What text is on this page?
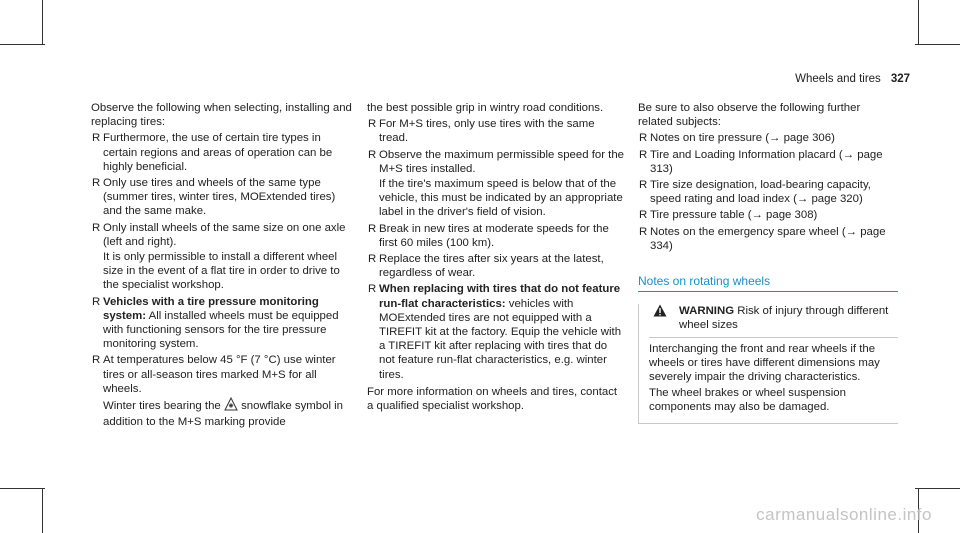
Wheels and tires 327

Observe the following when selecting, installing and replacing tires:

R Furthermore, the use of certain tire types in certain regions and areas of operation can be highly beneficial.
R Only use tires and wheels of the same type (summer tires, winter tires, MOExtended tires) and the same make.
R Only install wheels of the same size on one axle (left and right).

It is only permissible to install a different wheel size in the event of a flat tire in order to drive to the specialist workshop.

R Vehicles with a tire pressure monitoring system: All installed wheels must be equipped with functioning sensors for the tire pressure monitoring system.
R At temperatures below 45 °F (7 °C) use winter tires or all-season tires marked M+S for all wheels.

Winter tires bearing the  snowflake symbol in addition to the M+S marking provide

the best possible grip in wintry road conditions.

R For M+S tires, only use tires with the same tread.
R Observe the maximum permissible speed for the M+S tires installed.

If the tire's maximum speed is below that of the vehicle, this must be indicated by an appropriate label in the driver's field of vision.

R Break in new tires at moderate speeds for the first 60 miles (100 km).
R Replace the tires after six years at the latest, regardless of wear.
R When replacing with tires that do not feature run-flat characteristics: vehicles with MOExtended tires are not equipped with a TIREFIT kit at the factory. Equip the vehicle with a TIREFIT kit after replacing with tires that do not feature run-flat characteristics, e.g. winter tires.

For more information on wheels and tires, contact a qualified specialist workshop.

Be sure to also observe the following further related subjects:

R Notes on tire pressure (→ page 306)
R Tire and Loading Information placard (→ page 313)
R Tire size designation, load-bearing capacity, speed rating and load index (→ page 320)
R Tire pressure table (→ page 308)
R Notes on the emergency spare wheel (→ page 334)
Notes on rotating wheels
WARNING Risk of injury through different wheel sizes

Interchanging the front and rear wheels if the wheels or tires have different dimensions may severely impair the driving characteristics.

The wheel brakes or wheel suspension components may also be damaged.

carmanualsonline.info
